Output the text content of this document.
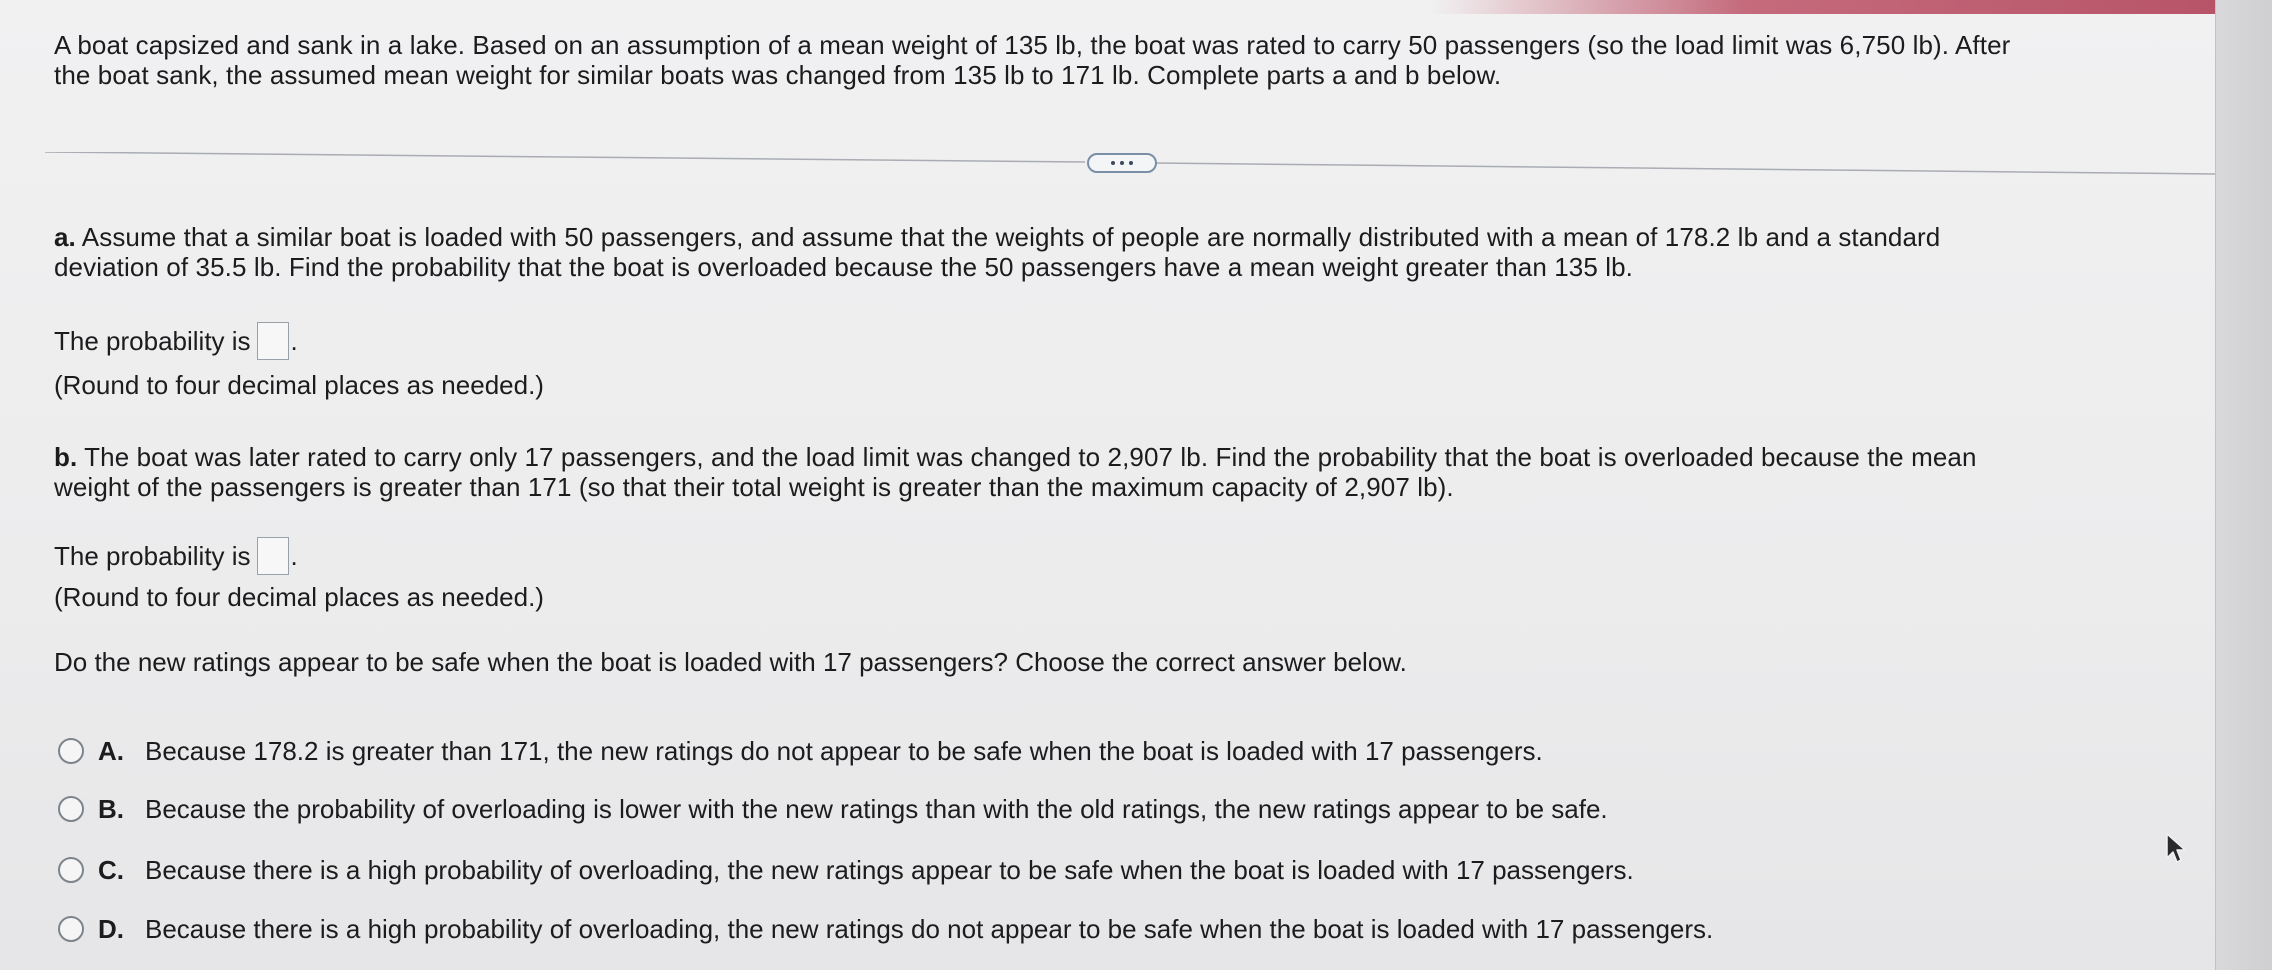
A boat capsized and sank in a lake. Based on an assumption of a mean weight of 135 lb, the boat was rated to carry 50 passengers (so the load limit was 6,750 lb). After
the boat sank, the assumed mean weight for similar boats was changed from 135 lb to 171 lb. Complete parts a and b below.
a. Assume that a similar boat is loaded with 50 passengers, and assume that the weights of people are normally distributed with a mean of 178.2 lb and a standard
deviation of 35.5 lb. Find the probability that the boat is overloaded because the 50 passengers have a mean weight greater than 135 lb.
The probability is .
(Round to four decimal places as needed.)
b. The boat was later rated to carry only 17 passengers, and the load limit was changed to 2,907 lb. Find the probability that the boat is overloaded because the mean
weight of the passengers is greater than 171 (so that their total weight is greater than the maximum capacity of 2,907 lb).
The probability is .
(Round to four decimal places as needed.)
Do the new ratings appear to be safe when the boat is loaded with 17 passengers? Choose the correct answer below.
A. Because 178.2 is greater than 171, the new ratings do not appear to be safe when the boat is loaded with 17 passengers.
B. Because the probability of overloading is lower with the new ratings than with the old ratings, the new ratings appear to be safe.
C. Because there is a high probability of overloading, the new ratings appear to be safe when the boat is loaded with 17 passengers.
D. Because there is a high probability of overloading, the new ratings do not appear to be safe when the boat is loaded with 17 passengers.
